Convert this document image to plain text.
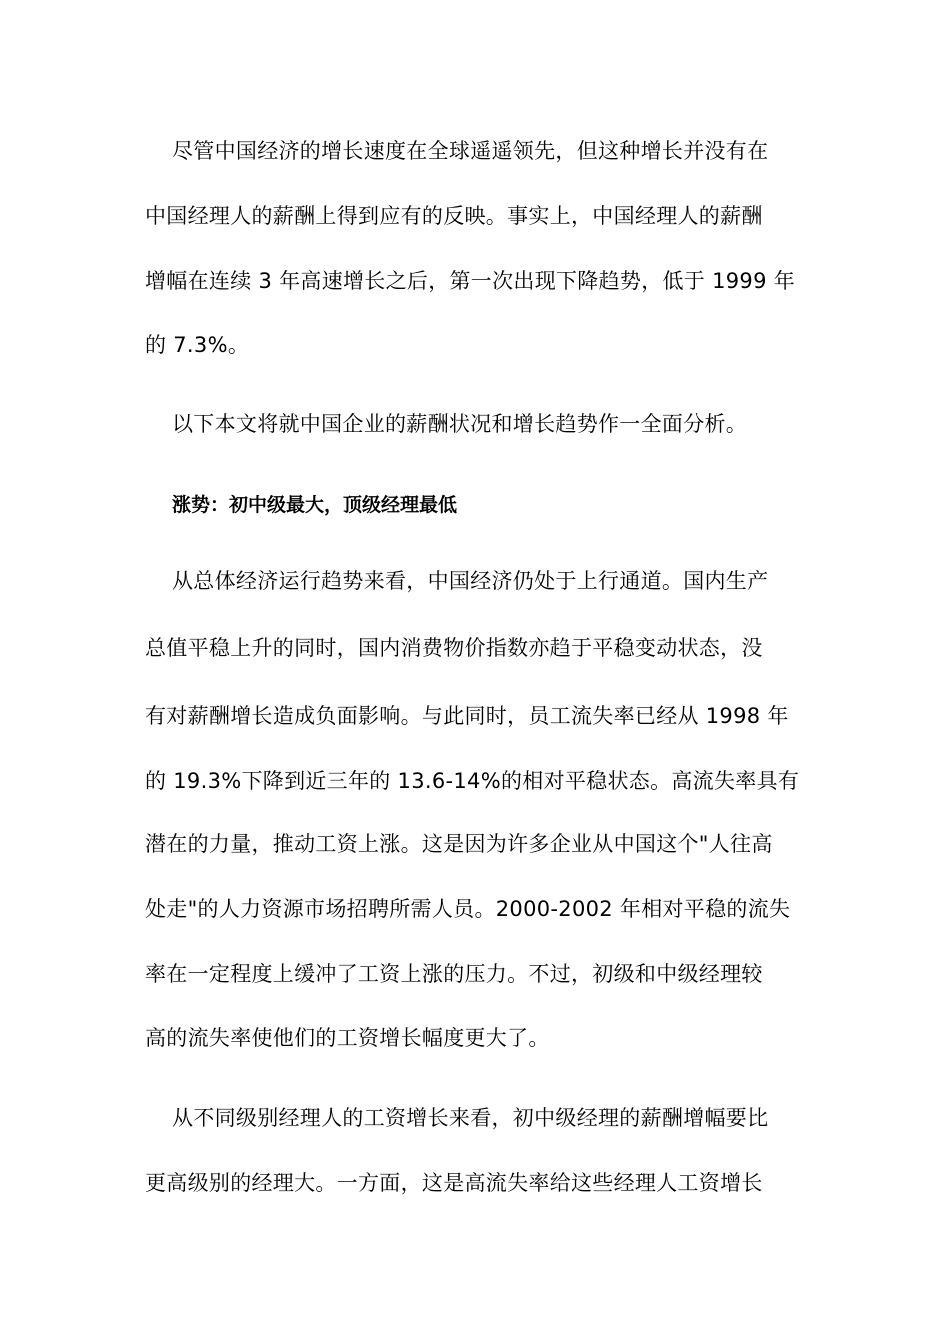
尽管中国经济的增长速度在全球遥遥领先，但这种增长并没有在
中国经理人的薪酬上得到应有的反映。事实上，中国经理人的薪酬
增幅在连续 3 年高速增长之后，第一次出现下降趋势，低于 1999 年
的 7.3%。
以下本文将就中国企业的薪酬状况和增长趋势作一全面分析。
涨势：初中级最大，顶级经理最低
从总体经济运行趋势来看，中国经济仍处于上行通道。国内生产
总值平稳上升的同时，国内消费物价指数亦趋于平稳变动状态，没
有对薪酬增长造成负面影响。与此同时，员工流失率已经从 1998 年
的 19.3%下降到近三年的 13.6-14%的相对平稳状态。高流失率具有
潜在的力量，推动工资上涨。这是因为许多企业从中国这个"人往高
处走"的人力资源市场招聘所需人员。2000-2002 年相对平稳的流失
率在一定程度上缓冲了工资上涨的压力。不过，初级和中级经理较
高的流失率使他们的工资增长幅度更大了。
从不同级别经理人的工资增长来看，初中级经理的薪酬增幅要比
更高级别的经理大。一方面，这是高流失率给这些经理人工资增长
